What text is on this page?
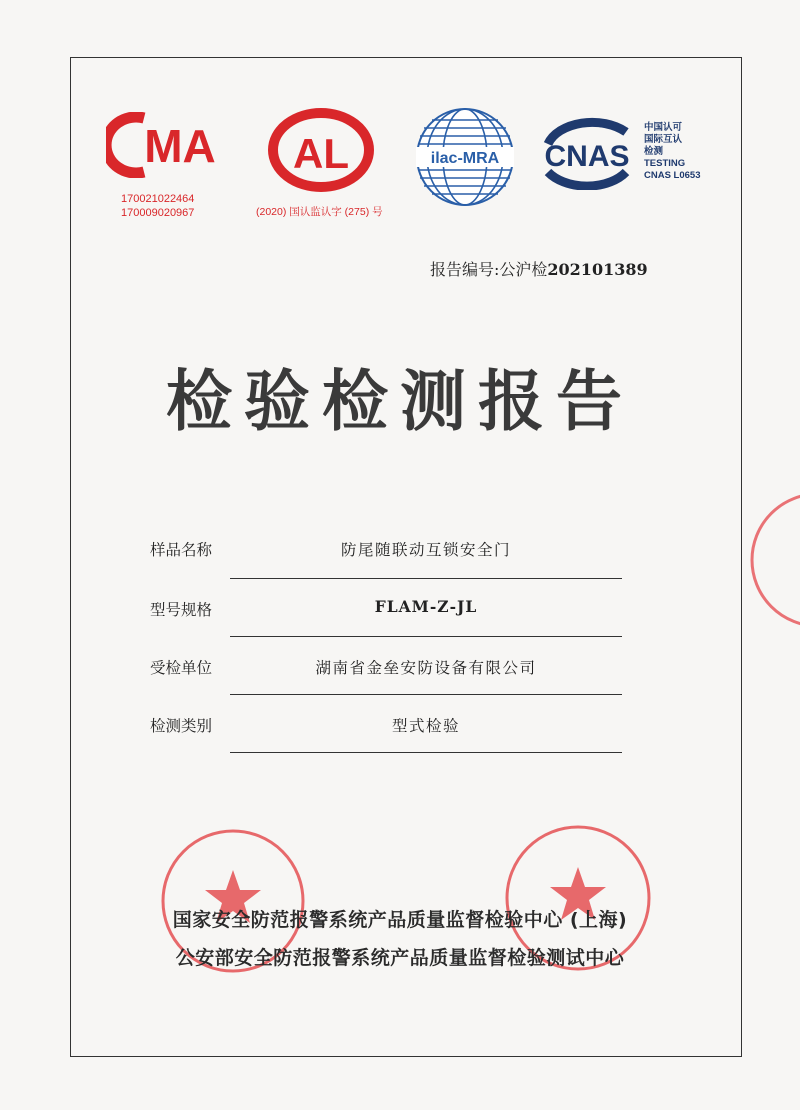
MA
170021022464
170009020967
AL
(2020) 国认监认字 (275) 号
ilac-MRA CNAS
中国认可
国际互认
检测
TESTING
CNAS L0653
报告编号:公沪检202101389
检验检测报告
样品名称	防尾随联动互锁安全门
型号规格	FLAM-Z-JL
受检单位	湖南省金垒安防设备有限公司
检测类别	型式检验
国家安全防范报警系统产品质量监督检验中心 (上海)
公安部安全防范报警系统产品质量监督检验测试中心
